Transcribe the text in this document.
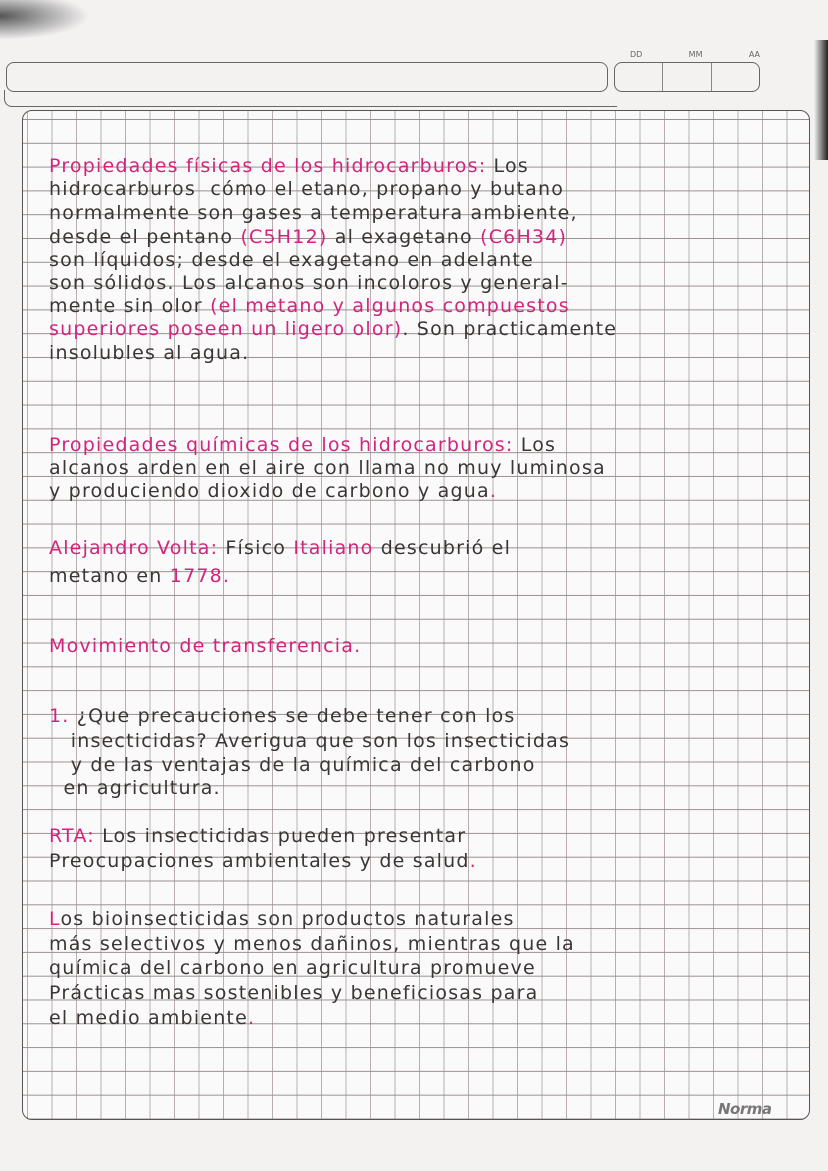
DD	MM	AA
Propiedades físicas de los hidrocarburos: Los
hidrocarburos  cómo el etano, propano y butano
normalmente son gases a temperatura ambiente,
desde el pentano (C5H12) al exagetano (C6H34)
son líquidos; desde el exagetano en adelante
son sólidos. Los alcanos son incoloros y general-
mente sin olor (el metano y algunos compuestos
superiores poseen un ligero olor). Son practicamente
insolubles al agua.
Propiedades químicas de los hidrocarburos: Los
alcanos arden en el aire con llama no muy luminosa
y produciendo dioxido de carbono y agua.
Alejandro Volta: Físico Italiano descubrió el
metano en 1778.
Movimiento de transferencia.
1. ¿Que precauciones se debe tener con los
insecticidas? Averigua que son los insecticidas
y de las ventajas de la química del carbono
en agricultura.
RTA: Los insecticidas pueden presentar
Preocupaciones ambientales y de salud.
Los bioinsecticidas son productos naturales
más selectivos y menos dañinos, mientras que la
química del carbono en agricultura promueve
Prácticas mas sostenibles y beneficiosas para
el medio ambiente.
Norma
